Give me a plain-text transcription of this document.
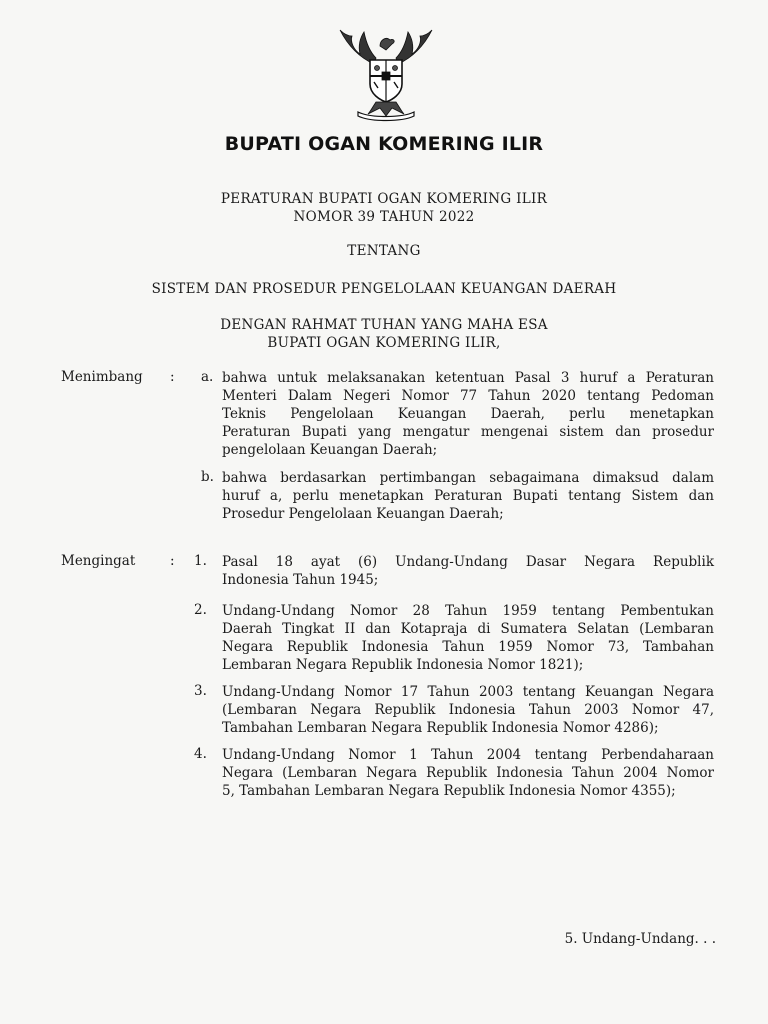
BUPATI OGAN KOMERING ILIR
PERATURAN BUPATI OGAN KOMERING ILIR
NOMOR 39 TAHUN 2022
TENTANG
SISTEM DAN PROSEDUR PENGELOLAAN KEUANGAN DAERAH
DENGAN RAHMAT TUHAN YANG MAHA ESA
BUPATI OGAN KOMERING ILIR,
Menimbang : a. bahwa untuk melaksanakan ketentuan Pasal 3 huruf a Peraturan
Menteri Dalam Negeri Nomor 77 Tahun 2020 tentang Pedoman
Teknis Pengelolaan Keuangan Daerah, perlu menetapkan
Peraturan Bupati yang mengatur mengenai sistem dan prosedur
pengelolaan Keuangan Daerah;
b. bahwa berdasarkan pertimbangan sebagaimana dimaksud dalam
huruf a, perlu menetapkan Peraturan Bupati tentang Sistem dan
Prosedur Pengelolaan Keuangan Daerah;
Mengingat	: 1. Pasal 18 ayat (6) Undang-Undang Dasar Negara Republik
Indonesia Tahun 1945;
2. Undang-Undang Nomor 28 Tahun 1959 tentang Pembentukan
Daerah Tingkat II dan Kotapraja di Sumatera Selatan (Lembaran
Negara Republik Indonesia Tahun 1959 Nomor 73, Tambahan
Lembaran Negara Republik Indonesia Nomor 1821);
3. Undang-Undang Nomor 17 Tahun 2003 tentang Keuangan Negara
(Lembaran Negara Republik Indonesia Tahun 2003 Nomor 47,
Tambahan Lembaran Negara Republik Indonesia Nomor 4286);
4. Undang-Undang Nomor 1 Tahun 2004 tentang Perbendaharaan
Negara (Lembaran Negara Republik Indonesia Tahun 2004 Nomor
5, Tambahan Lembaran Negara Republik Indonesia Nomor 4355);
5. Undang-Undang. . .
